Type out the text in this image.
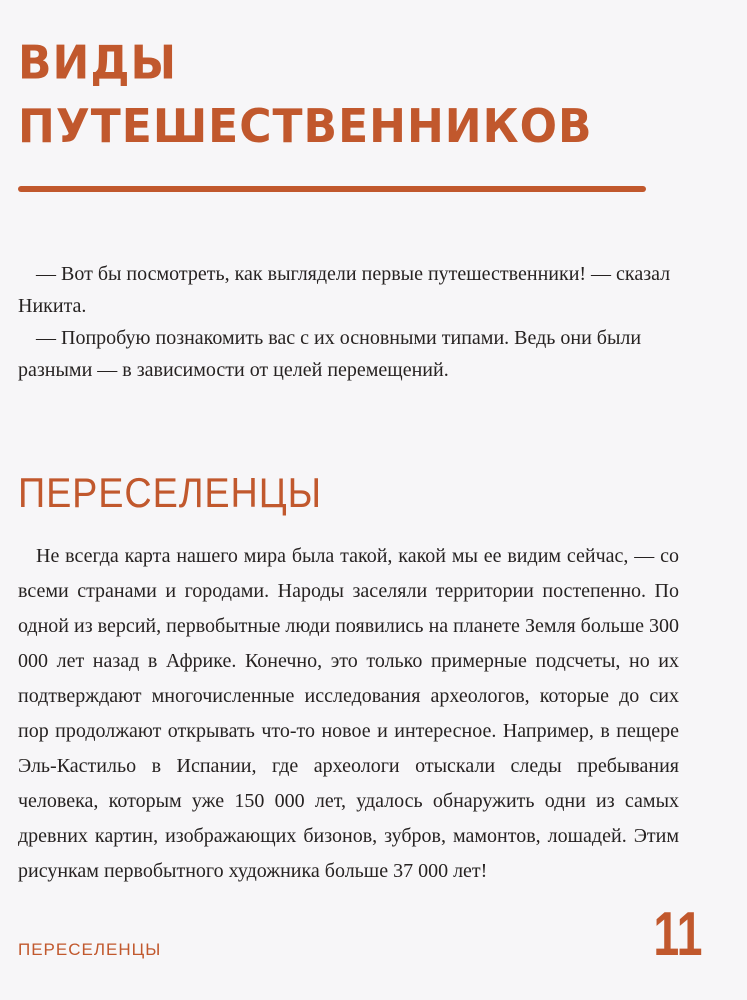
ВИДЫ
ПУТЕШЕСТВЕННИКОВ

— Вот бы посмотреть, как выглядели первые путешественники! — сказал Никита.

— Попробую познакомить вас с их основными типами. Ведь они были разными — в зависимости от целей перемещений.

ПЕРЕСЕЛЕНЦЫ

Не всегда карта нашего мира была такой, какой мы ее видим сейчас, — со всеми странами и городами. Народы заселяли территории постепенно. По одной из версий, первобытные люди появились на планете Земля больше 300 000 лет назад в Африке. Конечно, это только примерные подсчеты, но их подтверждают многочисленные исследования археологов, которые до сих пор продолжают открывать что-то новое и интересное. Например, в пещере Эль-Кастильо в Испании, где археологи отыскали следы пребывания человека, которым уже 150 000 лет, удалось обнаружить одни из самых древних картин, изображающих бизонов, зубров, мамонтов, лошадей. Этим рисункам первобытного художника больше 37 000 лет!

ПЕРЕСЕЛЕНЦЫ	11
